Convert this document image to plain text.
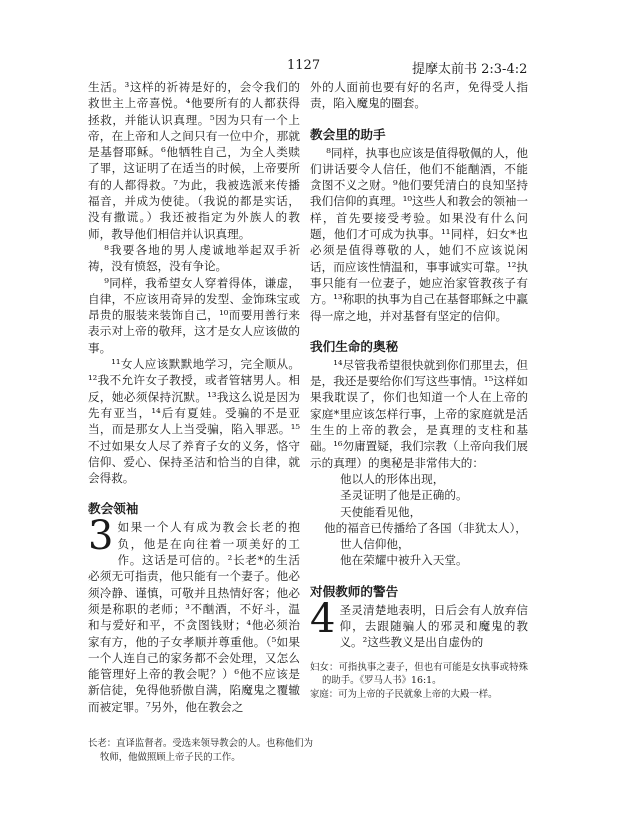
1127	提摩太前书 2:3-4:2

生活。³这样的祈祷是好的，会令我们的救世主上帝喜悦。⁴他要所有的人都获得拯救，并能认识真理。⁵因为只有一个上帝，在上帝和人之间只有一位中介，那就是基督耶稣。⁶他牺牲自己，为全人类赎了罪，这证明了在适当的时候，上帝要所有的人都得救。⁷为此，我被选派来传播福音，并成为使徒。（我说的都是实话，没有撒谎。）我还被指定为外族人的教师，教导他们相信并认识真理。

⁸我要各地的男人虔诚地举起双手祈祷，没有愤怒，没有争论。

⁹同样，我希望女人穿着得体，谦虚，自律，不应该用奇异的发型、金饰珠宝或昂贵的服装来装饰自己，¹⁰而要用善行来表示对上帝的敬拜，这才是女人应该做的事。

¹¹女人应该默默地学习，完全顺从。¹²我不允许女子教授，或者管辖男人。相反，她必须保持沉默。¹³我这么说是因为先有亚当，¹⁴后有夏娃。受骗的不是亚当，而是那女人上当受骗，陷入罪恶。¹⁵不过如果女人尽了养育子女的义务，恪守信仰、爱心、保持圣洁和恰当的自律，就会得救。

教会领袖
3 如果一个人有成为教会长老的抱负，他是在向往着一项美好的工作。这话是可信的。²长老*的生活必须无可指责，他只能有一个妻子。他必须冷静、谨慎，可敬并且热情好客；他必须是称职的老师；³不酗酒，不好斗，温和与爱好和平，不贪图钱财；⁴他必须治家有方，他的子女孝顺并尊重他。（⁵如果一个人连自己的家务都不会处理，又怎么能管理好上帝的教会呢？）⁶他不应该是新信徒，免得他骄傲自满，陷魔鬼之覆辙而被定罪。⁷另外，他在教会之

长老：直译监督者。受选来领导教会的人。也称他们为牧师，他做照顾上帝子民的工作。

外的人面前也要有好的名声，免得受人指责，陷入魔鬼的圈套。

教会里的助手

⁸同样，执事也应该是值得敬佩的人，他们讲话要令人信任，他们不能酗酒，不能贪图不义之财。⁹他们要凭清白的良知坚持我们信仰的真理。¹⁰这些人和教会的领袖一样，首先要接受考验。如果没有什么问题，他们才可成为执事。¹¹同样，妇女*也必须是值得尊敬的人，她们不应该说闲话，而应该性情温和，事事诚实可靠。¹²执事只能有一位妻子，她应治家管教孩子有方。¹³称职的执事为自己在基督耶稣之中赢得一席之地，并对基督有坚定的信仰。

我们生命的奥秘

¹⁴尽管我希望很快就到你们那里去，但是，我还是要给你们写这些事情。¹⁵这样如果我耽误了，你们也知道一个人在上帝的家庭*里应该怎样行事，上帝的家庭就是活生生的上帝的教会，是真理的支柱和基础。¹⁶勿庸置疑，我们宗教（上帝向我们展示的真理）的奥秘是非常伟大的：

他以人的形体出现，
圣灵证明了他是正确的。
天使能看见他，
他的福音已传播给了各国（非犹太人），
世人信仰他，
他在荣耀中被升入天堂。
对假教师的警告
4 圣灵清楚地表明，日后会有人放弃信仰，去跟随骗人的邪灵和魔鬼的教义。²这些教义是出自虚伪的

妇女：可指执事之妻子，但也有可能是女执事或特殊的助手。《罗马人书》16:1。
家庭：可为上帝的子民就象上帝的大殿一样。
